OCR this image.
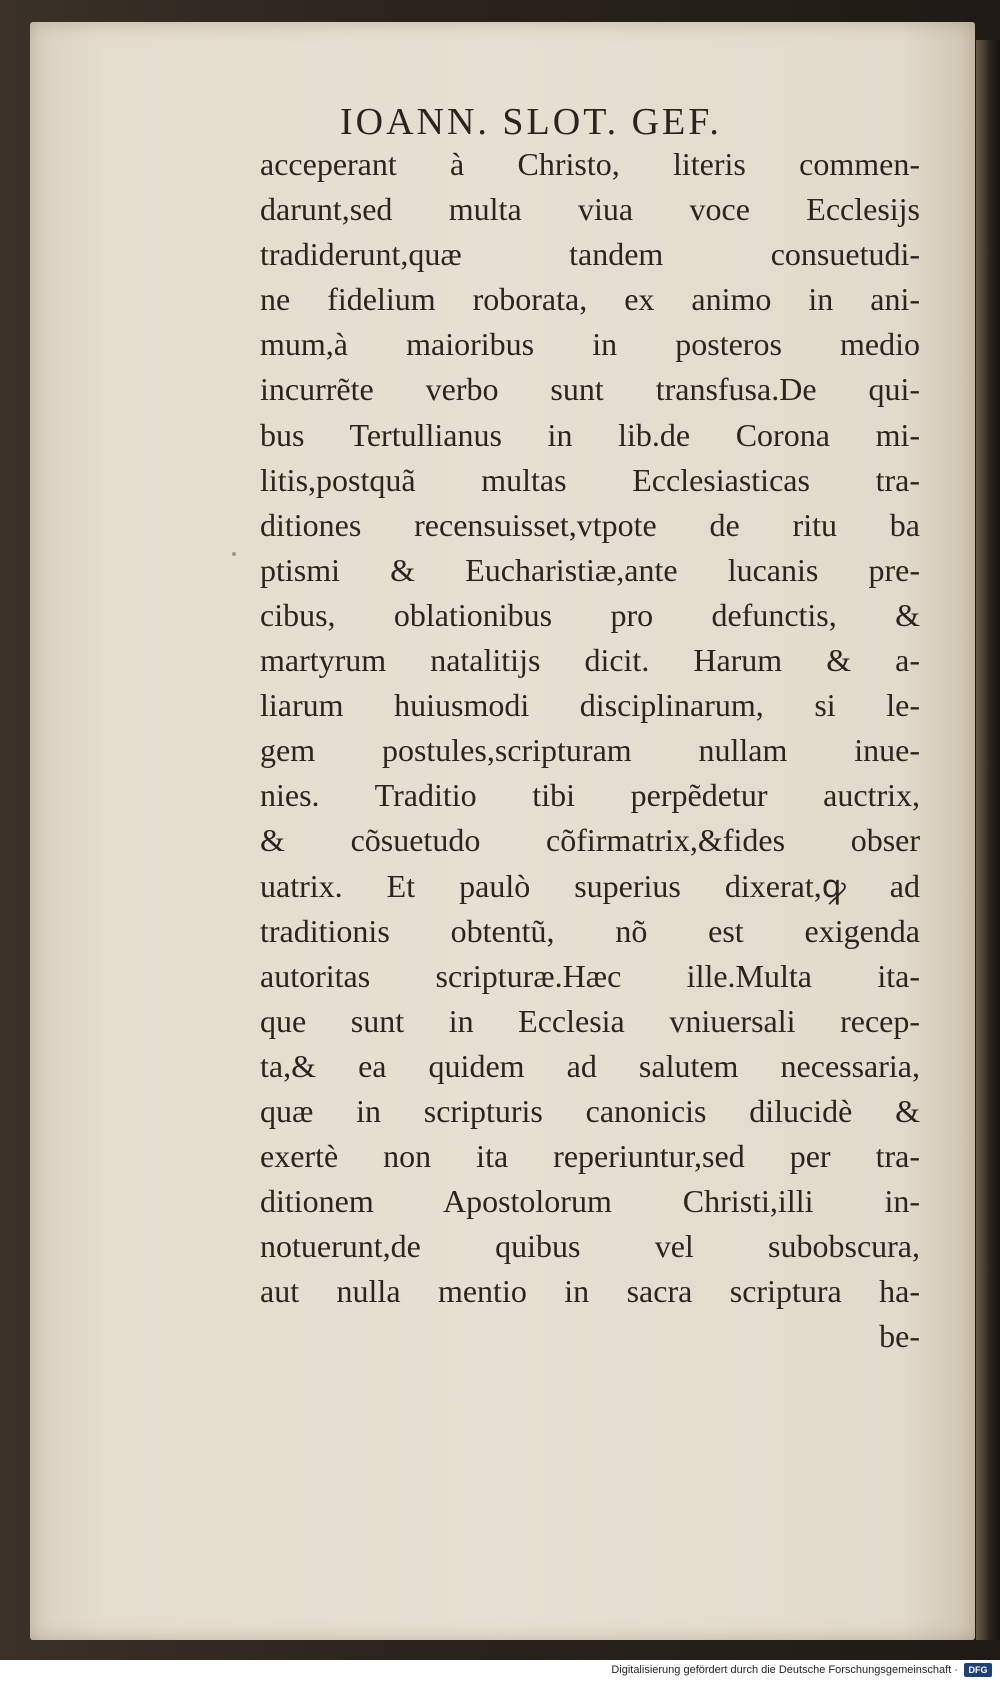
IOANN. SLOT. GEF.
acceperant à Christo, literis commen-
darunt,sed multa viua voce Ecclesijs
tradiderunt,quæ tandem consuetudi-
ne fidelium roborata, ex animo in ani-
mum,à maioribus in posteros medio
incurrẽte verbo sunt transfusa.De qui-
bus Tertullianus in lib.de Corona mi-
litis,postquã multas Ecclesiasticas tra-
ditiones recensuisset,vtpote de ritu ba
ptismi & Eucharistiæ,ante lucanis pre-
cibus, oblationibus pro defunctis, &
martyrum natalitijs dicit. Harum & a-
liarum huiusmodi disciplinarum, si le-
gem postules,scripturam nullam inue-
nies. Traditio tibi perpẽdetur auctrix,
& cõsuetudo cõfirmatrix,&fides obser
uatrix. Et paulò superius dixerat,ꝙ ad
traditionis obtentũ, nõ est exigenda
autoritas scripturæ.Hæc ille.Multa ita-
que sunt in Ecclesia vniuersali recep-
ta,& ea quidem ad salutem necessaria,
quæ in scripturis canonicis dilucidè &
exertè non ita reperiuntur,sed per tra-
ditionem Apostolorum Christi,illi in-
notuerunt,de quibus vel subobscura,
aut nulla mentio in sacra scriptura ha-
be-
Digitalisierung gefördert durch die Deutsche Forschungsgemeinschaft ·	DFG
